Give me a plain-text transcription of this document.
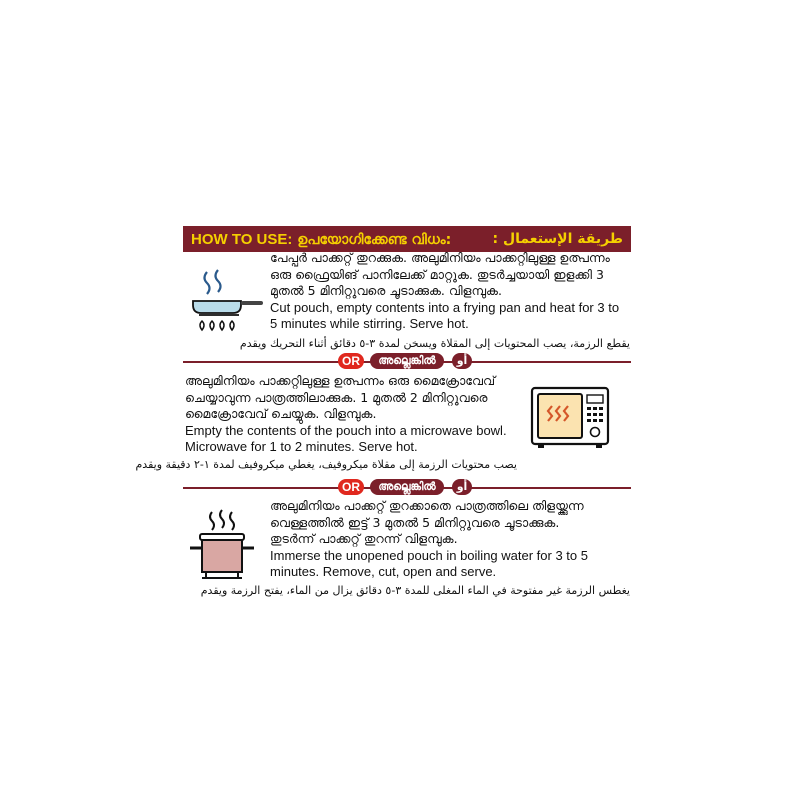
HOW TO USE: ഉപയോഗിക്കേണ്ട വിധം:	طريقة الإستعمال :
പേപ്പർ പാക്കറ്റ് തുറക്കുക. അലുമിനിയം പാക്കറ്റിലുള്ള ഉത്പന്നം
ഒരു ഫ്രൈയിങ് പാനിലേക്ക് മാറ്റുക. തുടർച്ചയായി ഇളക്കി 3
മുതൽ 5 മിനിറ്റുവരെ ചൂടാക്കുക. വിളമ്പുക.
Cut pouch, empty contents into a frying pan and heat for 3 to
5 minutes while stirring. Serve hot.
يقطع الرزمة، يصب المحتويات إلى المقلاة ويسخن لمدة ٣-٥ دقائق أثناء التحريك ويقدم
OR	അല്ലെങ്കിൽ	أو
അലുമിനിയം പാക്കറ്റിലുള്ള ഉത്പന്നം ഒരു മൈക്രോവേവ്
ചെയ്യാവുന്ന പാത്രത്തിലാക്കുക. 1 മുതൽ 2 മിനിറ്റുവരെ
മൈക്രോവേവ് ചെയ്യുക. വിളമ്പുക.
Empty the contents of the pouch into a microwave bowl.
Microwave for 1 to 2 minutes. Serve hot.
يصب محتويات الرزمة إلى مقلاة ميكروفيف، يغطي ميكروفيف لمدة ١-٢ دقيقة ويقدم
OR	അല്ലെങ്കിൽ	أو
അലുമിനിയം പാക്കറ്റ് തുറക്കാതെ പാത്രത്തിലെ തിളയ്ക്കുന്ന
വെള്ളത്തിൽ ഇട്ട് 3 മുതൽ 5 മിനിറ്റുവരെ ചൂടാക്കുക.
തുടർന്ന് പാക്കറ്റ് തുറന്ന് വിളമ്പുക.
Immerse the unopened pouch in boiling water for 3 to 5
minutes. Remove, cut, open and serve.
يغطس الرزمة غير مفتوحة في الماء المغلى للمدة ٣-٥ دقائق يزال من الماء، يفتح الرزمة ويقدم
